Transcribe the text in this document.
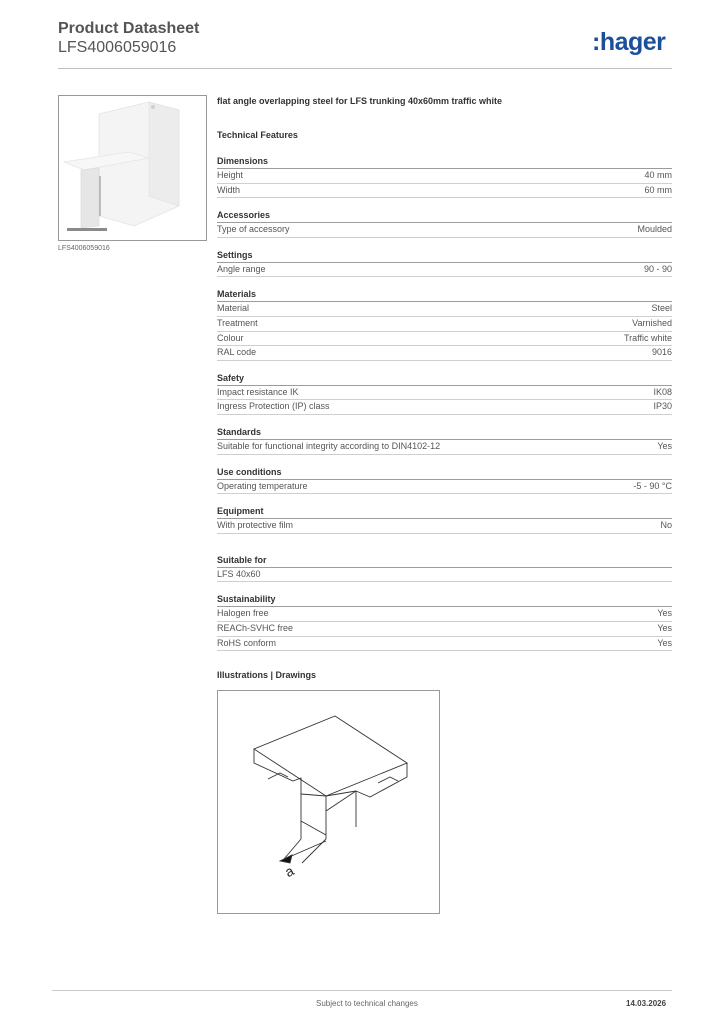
Product Datasheet
LFS4006059016	:hager
LFS4006059016
flat angle overlapping steel for LFS trunking 40x60mm traffic white
Technical Features
Dimensions
Height	40 mm
Width	60 mm
Accessories
Type of accessory	Moulded
Settings
Angle range	90 - 90
Materials
Material	Steel
Treatment	Varnished
Colour	Traffic white
RAL code	9016
Safety
Impact resistance IK	IK08
Ingress Protection (IP) class	IP30
Standards
Suitable for functional integrity according to DIN4102-12	Yes
Use conditions
Operating temperature	-5 - 90 °C
Equipment
With protective film	No
Suitable for
LFS 40x60
Sustainability
Halogen free	Yes
REACh-SVHC free	Yes
RoHS conform	Yes
Illustrations | Drawings
a
Subject to technical changes	14.03.2026
